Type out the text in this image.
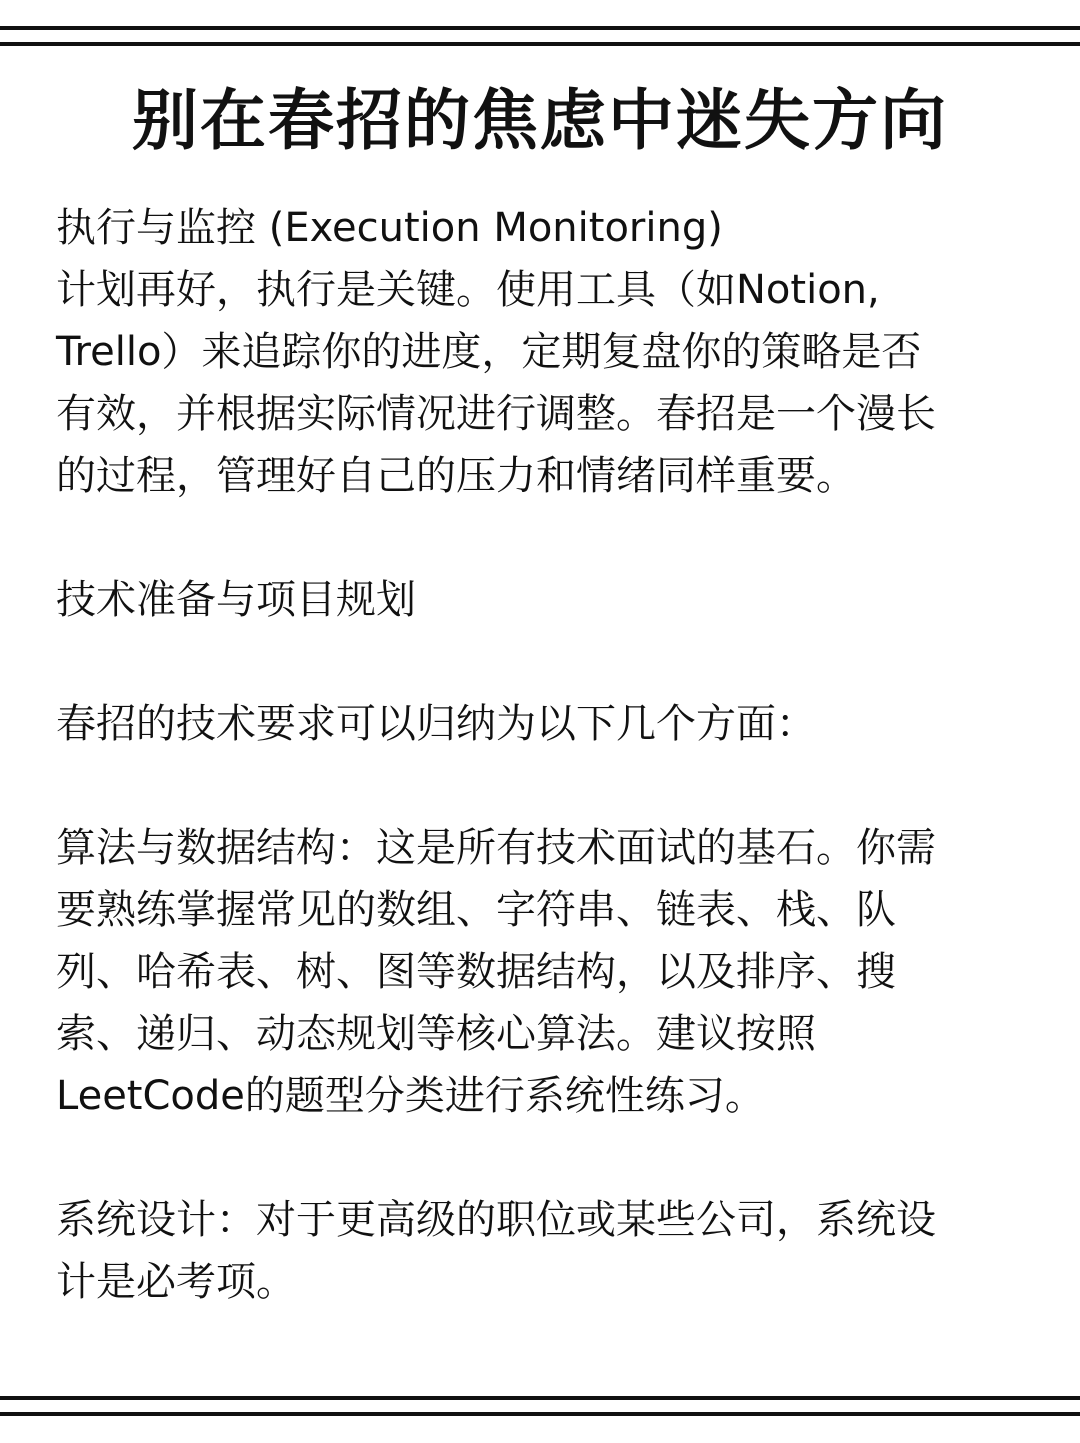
别在春招的焦虑中迷失方向

执行与监控 (Execution Monitoring)

计划再好，执行是关键。使用工具（如Notion,

Trello）来追踪你的进度，定期复盘你的策略是否

有效，并根据实际情况进行调整。春招是一个漫长

的过程，管理好自己的压力和情绪同样重要。

技术准备与项目规划

春招的技术要求可以归纳为以下几个方面：

算法与数据结构：这是所有技术面试的基石。你需

要熟练掌握常见的数组、字符串、链表、栈、队

列、哈希表、树、图等数据结构，以及排序、搜

索、递归、动态规划等核心算法。建议按照

LeetCode的题型分类进行系统性练习。

系统设计：对于更高级的职位或某些公司，系统设

计是必考项。
